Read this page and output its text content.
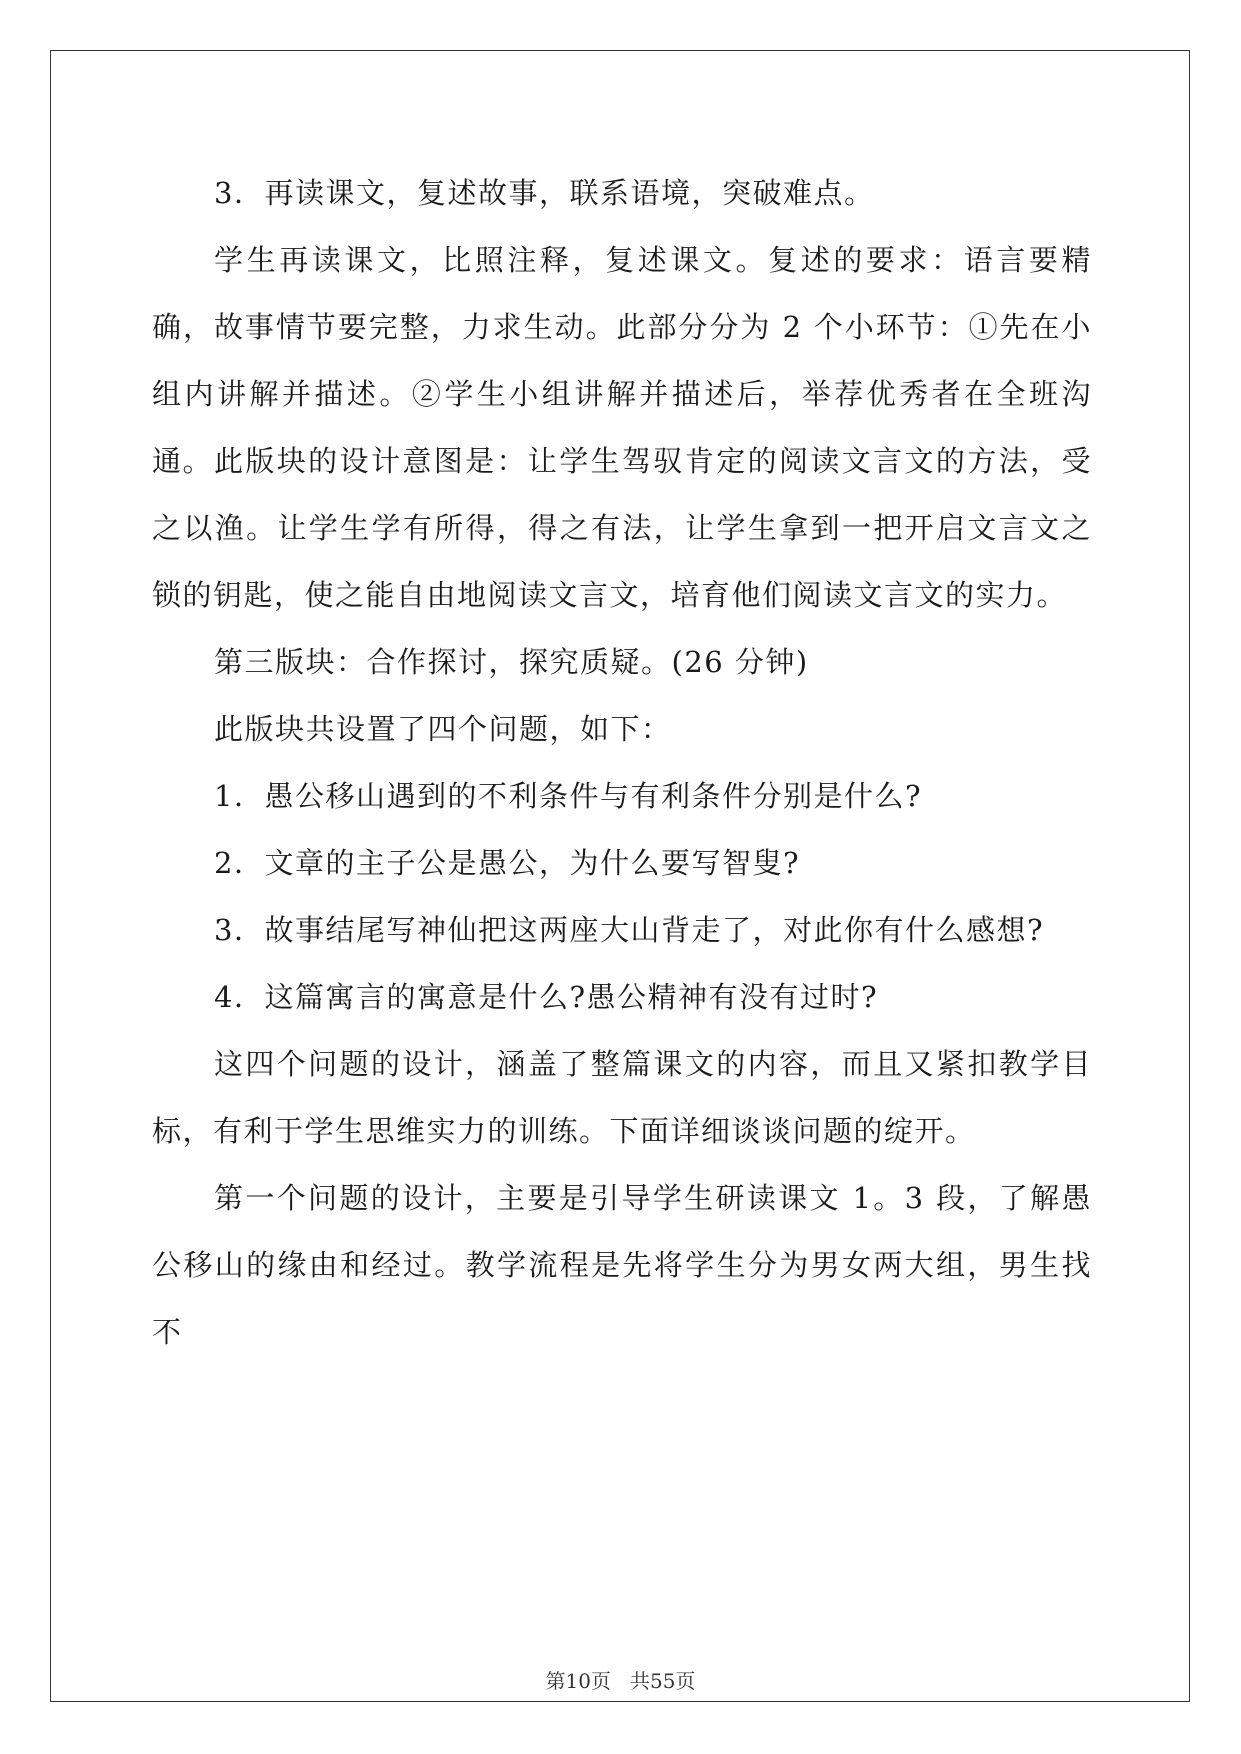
3．再读课文，复述故事，联系语境，突破难点。

学生再读课文，比照注释，复述课文。复述的要求：语言要精确，故事情节要完整，力求生动。此部分分为 2 个小环节：①先在小组内讲解并描述。②学生小组讲解并描述后，举荐优秀者在全班沟通。 此版块的设计意图是：让学生驾驭肯定的阅读文言文的方法，受之以渔。让学生学有所得，得之有法，让学生拿到一把开启文言文之锁的钥匙，使之能自由地阅读文言文，培育他们阅读文言文的实力。

第三版块：合作探讨，探究质疑。(26 分钟)

此版块共设置了四个问题，如下：

1．愚公移山遇到的不利条件与有利条件分别是什么?

2．文章的主子公是愚公，为什么要写智叟?

3．故事结尾写神仙把这两座大山背走了，对此你有什么感想?

4．这篇寓言的寓意是什么?愚公精神有没有过时?

这四个问题的设计，涵盖了整篇课文的内容，而且又紧扣教学目标，有利于学生思维实力的训练。下面详细谈谈问题的绽开。

第一个问题的设计，主要是引导学生研读课文 1。3 段，了解愚公移山的缘由和经过。教学流程是先将学生分为男女两大组，男生找不

第10页 共55页
